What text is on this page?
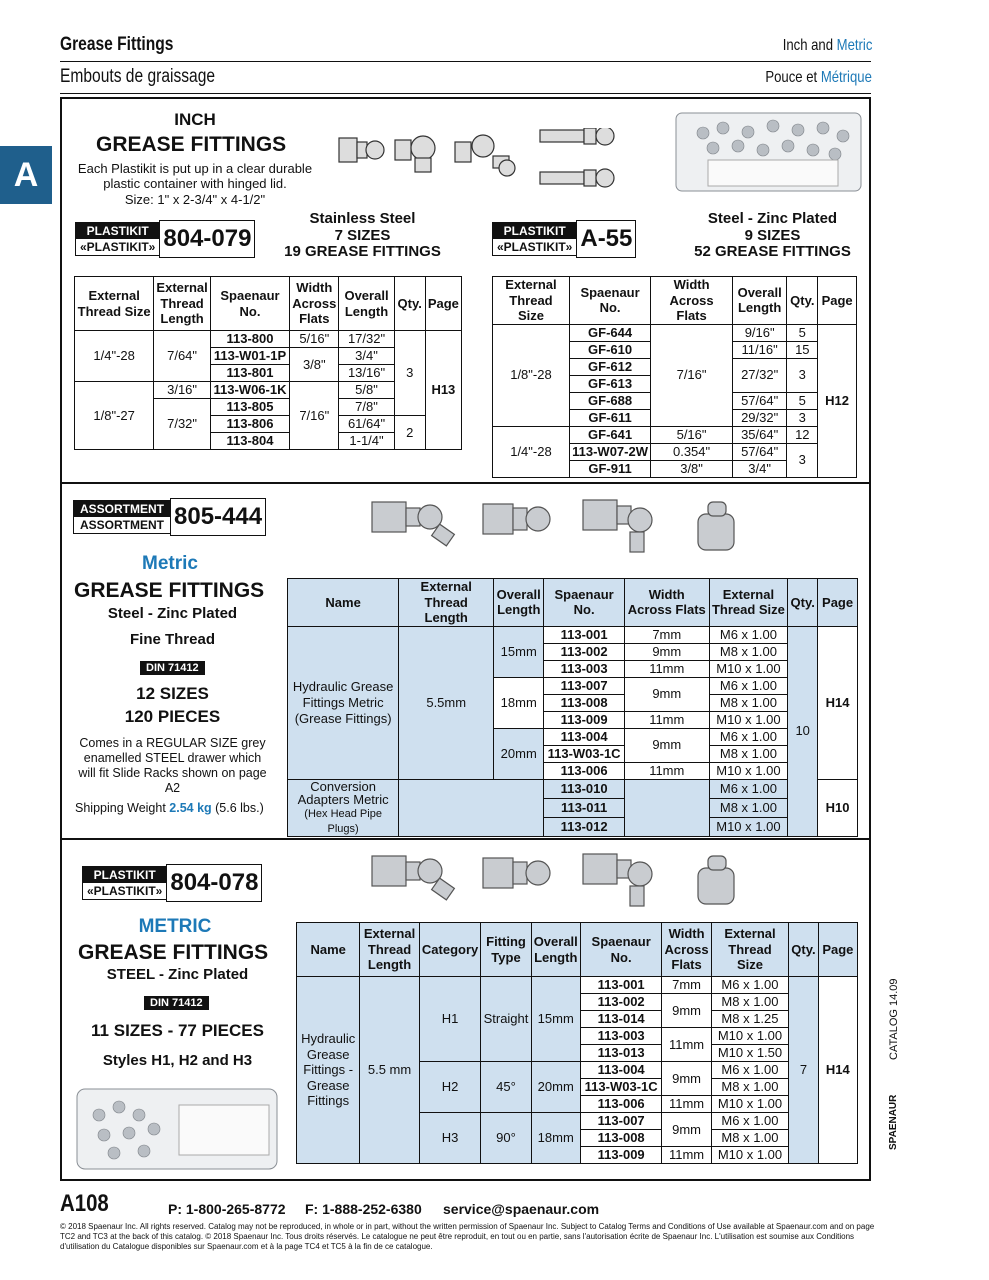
Grease Fittings
Embouts de graissage
Inch and Metric
Pouce et Métrique
A
INCH
GREASE FITTINGS
Each Plastikit is put up in a clear durable plastic container with hinged lid.
Size: 1" x 2-3/4" x 4-1/2"
PLASTIKIT
«PLASTIKIT» 804-079	PLASTIKIT
«PLASTIKIT» A-55
Stainless Steel
7 SIZES
19 GREASE FITTINGS
Steel - Zinc Plated
9 SIZES
52 GREASE FITTINGS
External Thread Size	External Thread Length	Spaenaur No.	Width Across Flats	Overall Length	Qty.	Page
1/4"-28	7/64"	113-800	5/16"	17/32"	3	H13
		113-W01-1P	3/8"	3/4"		
		113-801		13/16"		
1/8"-27	3/16"	113-W06-1K	7/16"	5/8"		
	7/32"	113-805		7/8"		
		113-806		61/64"	2	
		113-804		1-1/4"		
External Thread Size	Spaenaur No.	Width Across Flats	Overall Length	Qty.	Page
1/8"-28	GF-644	7/16"	9/16"	5	H12
	GF-610		11/16"	15	
	GF-612		27/32"	3	
	GF-613				
	GF-688		57/64"	5	
	GF-611		29/32"	3	
1/4"-28	GF-641	5/16"	35/64"	12	
	113-W07-2W	0.354"	57/64"	3	
	GF-911	3/8"	3/4"		
ASSORTMENT
ASSORTMENT 805-444
Metric
GREASE FITTINGS
Steel - Zinc Plated
Fine Thread
DIN 71412
12 SIZES
120 PIECES
Comes in a REGULAR SIZE grey enamelled STEEL drawer which will fit Slide Racks shown on page A2
Shipping Weight 2.54 kg (5.6 lbs.)
Name	External Thread Length	Overall Length	Spaenaur No.	Width Across Flats	External Thread Size	Qty.	Page
Hydraulic Grease Fittings Metric (Grease Fittings)	5.5mm	15mm	113-001	7mm	M6 x 1.00	10	H14
			113-002	9mm	M8 x 1.00		
			113-003	11mm	M10 x 1.00		
		18mm	113-007	9mm	M6 x 1.00		
			113-008		M8 x 1.00		
			113-009	11mm	M10 x 1.00		
		20mm	113-004	9mm	M6 x 1.00		
			113-W03-1C		M8 x 1.00		
			113-006	11mm	M10 x 1.00		
Conversion Adapters Metric
(Hex Head Pipe Plugs)			113-010		M6 x 1.00		H10
			113-011		M8 x 1.00		
			113-012		M10 x 1.00		
PLASTIKIT
«PLASTIKIT» 804-078
METRIC
GREASE FITTINGS
STEEL - Zinc Plated
DIN 71412
11 SIZES - 77 PIECES
Styles H1, H2 and H3
Name	External Thread Length	Category	Fitting Type	Overall Length	Spaenaur No.	Width Across Flats	External Thread Size	Qty.	Page
Hydraulic Grease Fittings - Grease Fittings	5.5 mm	H1	Straight	15mm	113-001	7mm	M6 x 1.00	7	H14
					113-002	9mm	M8 x 1.00		
					113-014		M8 x 1.25		
					113-003	11mm	M10 x 1.00		
					113-013		M10 x 1.50		
		H2	45°	20mm	113-004	9mm	M6 x 1.00		
					113-W03-1C		M8 x 1.00		
					113-006	11mm	M10 x 1.00		
		H3	90°	18mm	113-007	9mm	M6 x 1.00		
					113-008		M8 x 1.00		
					113-009	11mm	M10 x 1.00		
CATALOG 14.09
SPAENAUR
A108	P: 1-800-265-8772 F: 1-888-252-6380 service@spaenaur.com
© 2018 Spaenaur Inc. All rights reserved. Catalog may not be reproduced, in whole or in part, without the written permission of Spaenaur Inc. Subject to Catalog Terms and Conditions of Use available at Spaenaur.com and on page TC2 and TC3 at the back of this catalog. © 2018 Spaenaur Inc. Tous droits réservés. Le catalogue ne peut être reproduit, en tout ou en partie, sans l'autorisation écrite de Spaenaur Inc. L'utilisation est soumise aux Conditions d'utilisation du Catalogue disponibles sur Spaenaur.com et à la page TC4 et TC5 à la fin de ce catalogue.
